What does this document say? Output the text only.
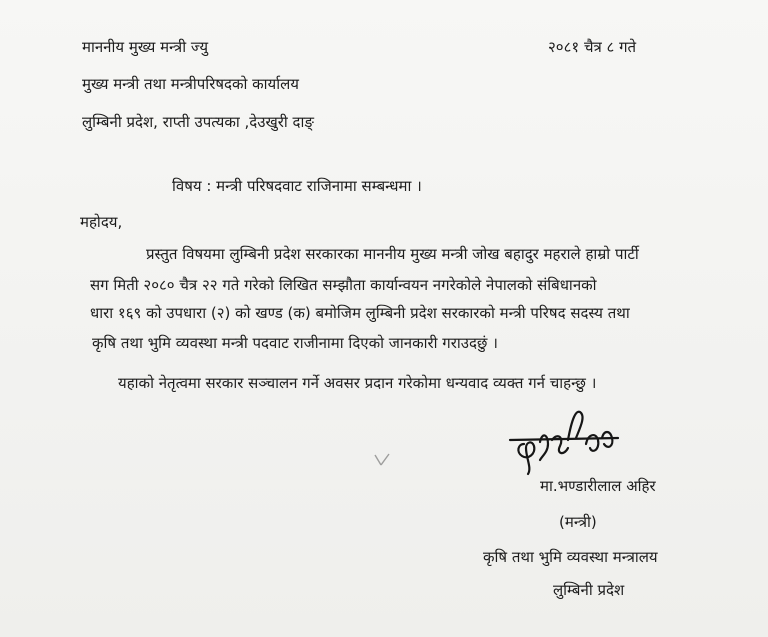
माननीय मुख्य मन्त्री ज्यु	२०८१ चैत्र ८ गते
मुख्य मन्त्री तथा मन्त्रीपरिषदको कार्यालय
लुम्बिनी प्रदेश, राप्ती उपत्यका ,देउखुरी दाङ्
विषय : मन्त्री परिषदवाट राजिनामा सम्बन्धमा ।
महोदय,
प्रस्तुत विषयमा लुम्बिनी प्रदेश सरकारका माननीय मुख्य मन्त्री जोख बहादुर महराले हाम्रो पार्टी
सग मिती २०८० चैत्र २२ गते गरेको लिखित सम्झौता कार्यान्वयन नगरेकोले नेपालको संबिधानको
धारा १६९ को उपधारा (२) को खण्ड (क) बमोजिम लुम्बिनी प्रदेश सरकारको मन्त्री परिषद सदस्य तथा
कृषि तथा भुमि व्यवस्था मन्त्री पदवाट राजीनामा दिएको जानकारी गराउदछुं ।
यहाको नेतृत्वमा सरकार सञ्चालन गर्ने अवसर प्रदान गरेकोमा धन्यवाद व्यक्त गर्न चाहन्छु ।
मा.भण्डारीलाल अहिर
(मन्त्री)
कृषि तथा भुमि व्यवस्था मन्त्रालय
लुम्बिनी प्रदेश
